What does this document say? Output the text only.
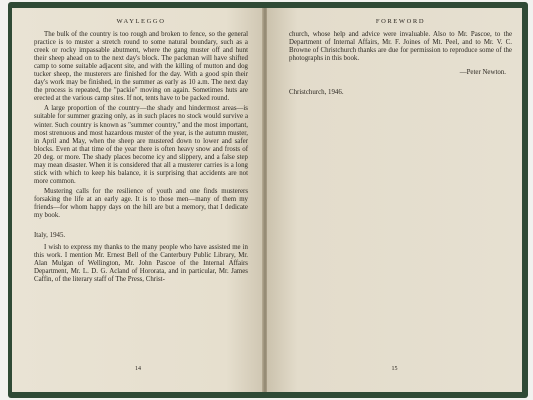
WAYLEGGO

The bulk of the country is too rough and broken to fence, so the general practice is to muster a stretch round to some natural boundary, such as a creek or rocky impassable abutment, where the gang muster off and hunt their sheep ahead on to the next day's block. The packman will have shifted camp to some suitable adjacent site, and with the killing of mutton and dog tucker sheep, the musterers are finished for the day. With a good spin their day's work may be finished, in the summer as early as 10 a.m. The next day the process is repeated, the "packie" moving on again. Sometimes huts are erected at the various camp sites. If not, tents have to be packed round.

A large proportion of the country—the shady and hindermost areas—is suitable for summer grazing only, as in such places no stock would survive a winter. Such country is known as "summer country," and the most important, most strenuous and most hazardous muster of the year, is the autumn muster, in April and May, when the sheep are mustered down to lower and safer blocks. Even at that time of the year there is often heavy snow and frosts of 20 deg. or more. The shady places become icy and slippery, and a false step may mean disaster. When it is considered that all a musterer carries is a long stick with which to keep his balance, it is surprising that accidents are not more common.

Mustering calls for the resilience of youth and one finds musterers forsaking the life at an early age. It is to those men—many of them my friends—for whom happy days on the hill are but a memory, that I dedicate my book.

Italy, 1945.

I wish to express my thanks to the many people who have assisted me in this work. I mention Mr. Ernest Bell of the Canterbury Public Library, Mr. Alan Mulgan of Wellington, Mr. John Pascoe of the Internal Affairs Department, Mr. L. D. G. Acland of Hororata, and in particular, Mr. James Caffin, of the literary staff of The Press, Christ-

14
FOREWORD

church, whose help and advice were invaluable. Also to Mr. Pascoe, to the Department of Internal Affairs, Mr. F. Joines of Mt. Peel, and to Mr. V. C. Browne of Christchurch thanks are due for permission to reproduce some of the photographs in this book.

—Peter Newton.
Christchurch, 1946.
15
